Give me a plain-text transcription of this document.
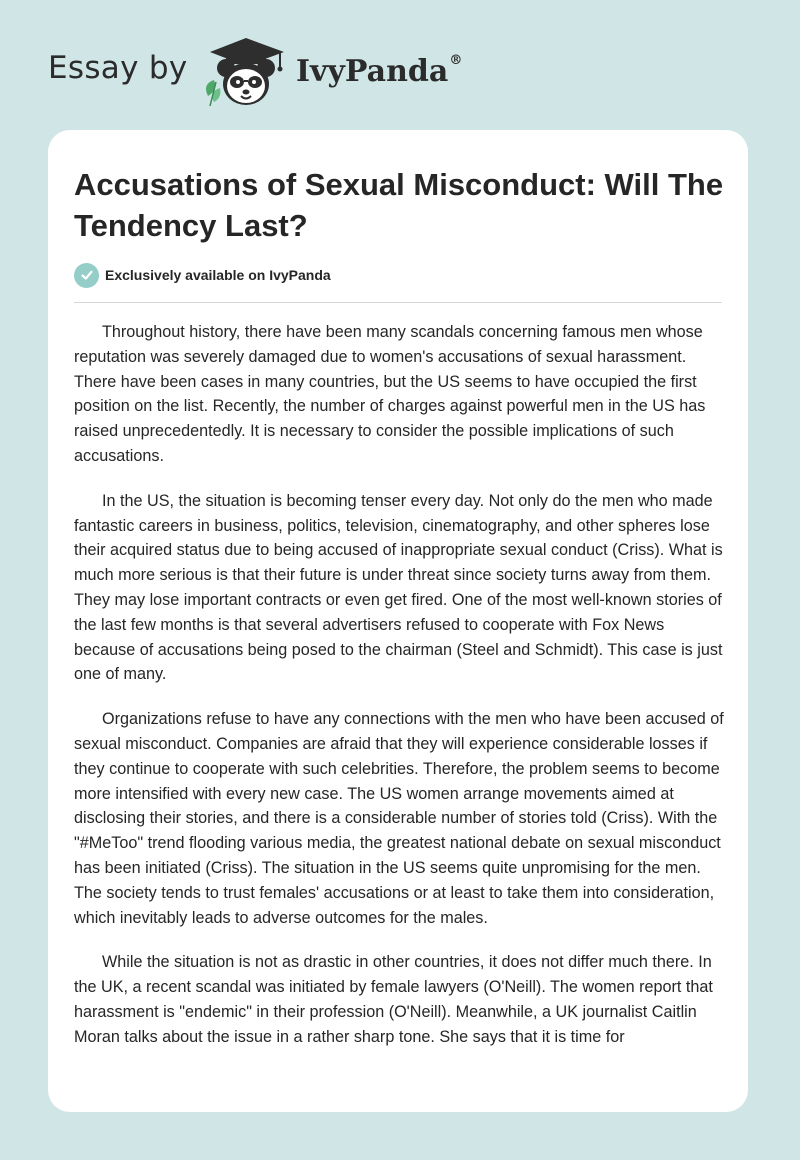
Essay by	IvyPanda®
Accusations of Sexual Misconduct: Will The Tendency Last?
Exclusively available on IvyPanda

Throughout history, there have been many scandals concerning famous men whose reputation was severely damaged due to women's accusations of sexual harassment. There have been cases in many countries, but the US seems to have occupied the first position on the list. Recently, the number of charges against powerful men in the US has raised unprecedentedly. It is necessary to consider the possible implications of such accusations.

In the US, the situation is becoming tenser every day. Not only do the men who made fantastic careers in business, politics, television, cinematography, and other spheres lose their acquired status due to being accused of inappropriate sexual conduct (Criss). What is much more serious is that their future is under threat since society turns away from them. They may lose important contracts or even get fired. One of the most well-known stories of the last few months is that several advertisers refused to cooperate with Fox News because of accusations being posed to the chairman (Steel and Schmidt). This case is just one of many.

Organizations refuse to have any connections with the men who have been accused of sexual misconduct. Companies are afraid that they will experience considerable losses if they continue to cooperate with such celebrities. Therefore, the problem seems to become more intensified with every new case. The US women arrange movements aimed at disclosing their stories, and there is a considerable number of stories told (Criss). With the "#MeToo" trend flooding various media, the greatest national debate on sexual misconduct has been initiated (Criss). The situation in the US seems quite unpromising for the men. The society tends to trust females' accusations or at least to take them into consideration, which inevitably leads to adverse outcomes for the males.

While the situation is not as drastic in other countries, it does not differ much there. In the UK, a recent scandal was initiated by female lawyers (O'Neill). The women report that harassment is "endemic" in their profession (O'Neill). Meanwhile, a UK journalist Caitlin Moran talks about the issue in a rather sharp tone. She says that it is time for
